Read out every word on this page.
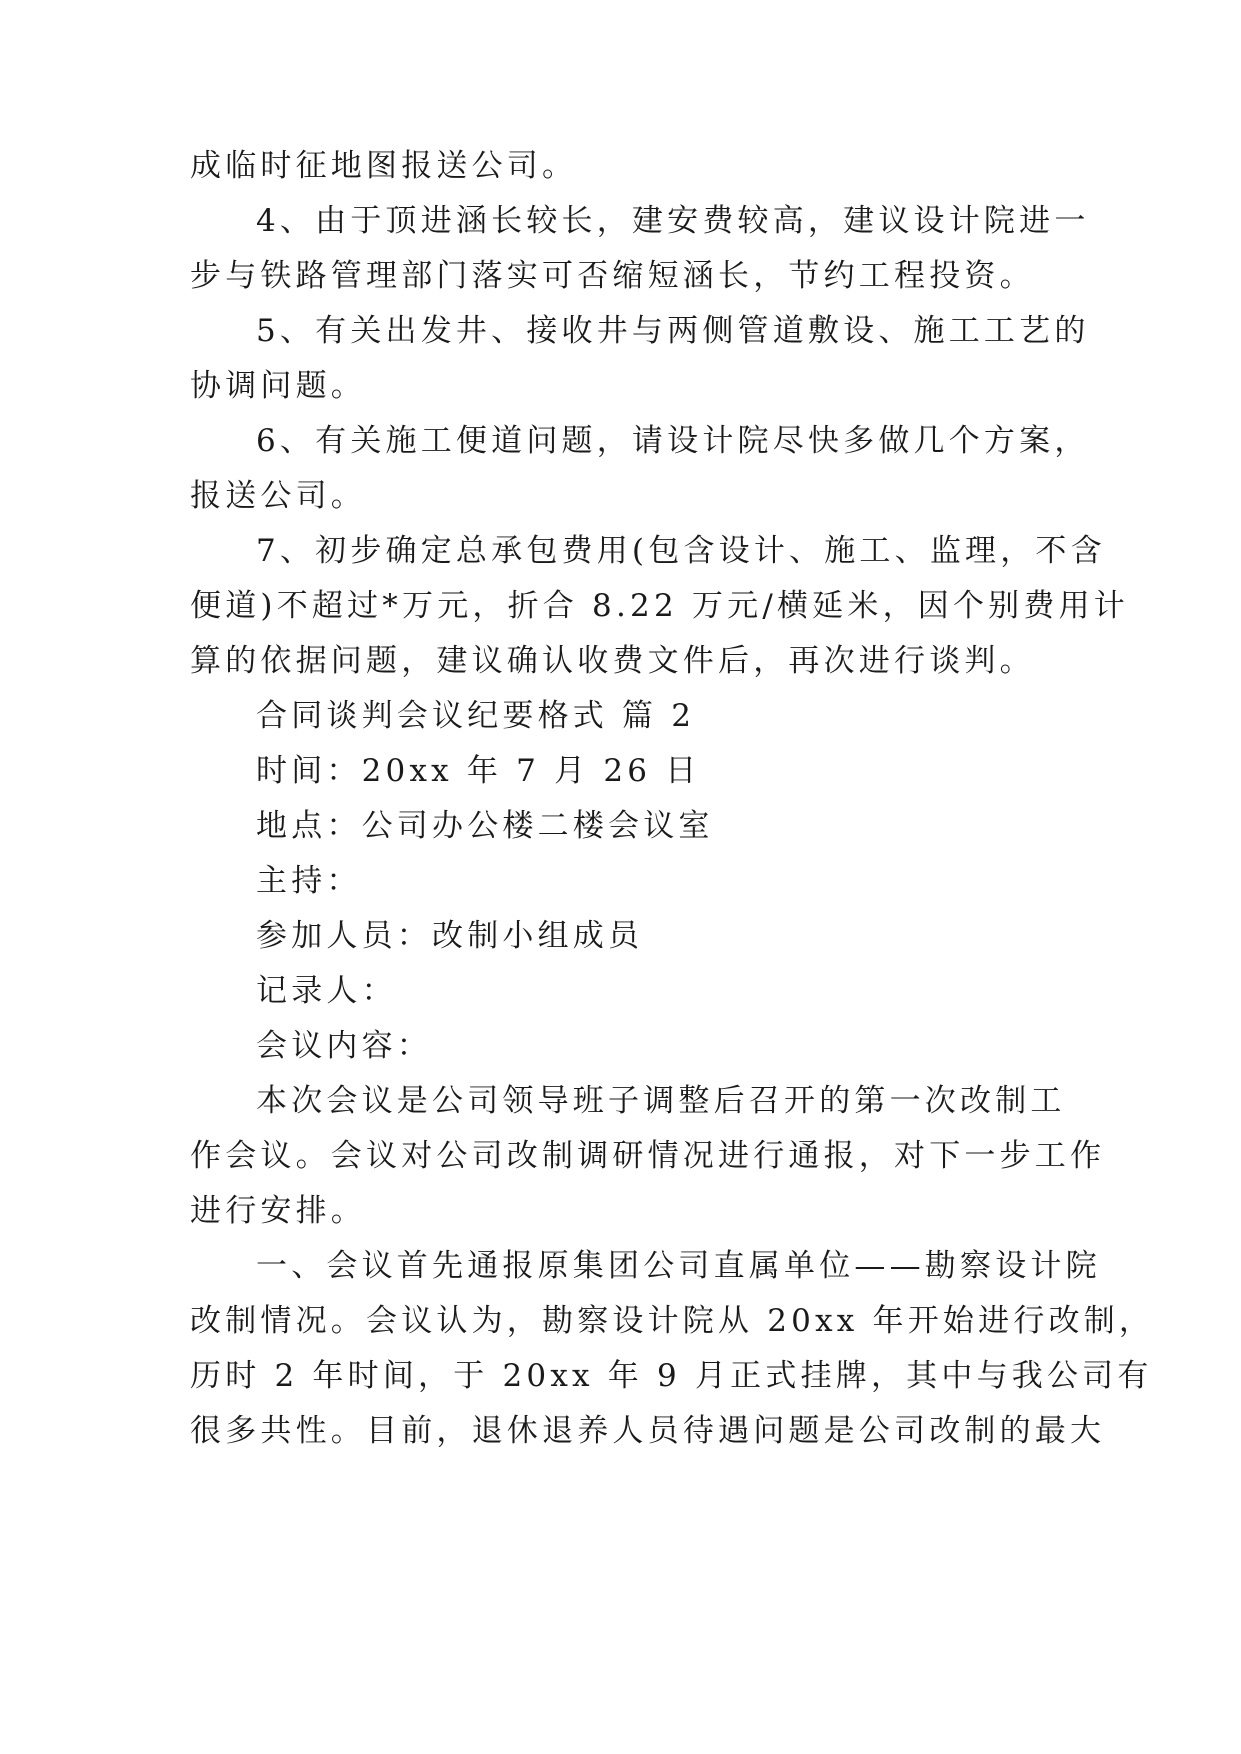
成临时征地图报送公司。
4、由于顶进涵长较长，建安费较高，建议设计院进一
步与铁路管理部门落实可否缩短涵长，节约工程投资。
5、有关出发井、接收井与两侧管道敷设、施工工艺的
协调问题。
6、有关施工便道问题，请设计院尽快多做几个方案，
报送公司。
7、初步确定总承包费用(包含设计、施工、监理，不含
便道)不超过*万元，折合 8.22 万元/横延米，因个别费用计
算的依据问题，建议确认收费文件后，再次进行谈判。
合同谈判会议纪要格式 篇 2
时间：20xx 年 7 月 26 日
地点：公司办公楼二楼会议室
主持：
参加人员：改制小组成员
记录人：
会议内容：
本次会议是公司领导班子调整后召开的第一次改制工
作会议。会议对公司改制调研情况进行通报，对下一步工作
进行安排。
一、会议首先通报原集团公司直属单位——勘察设计院
改制情况。会议认为，勘察设计院从 20xx 年开始进行改制，
历时 2 年时间，于 20xx 年 9 月正式挂牌，其中与我公司有
很多共性。目前，退休退养人员待遇问题是公司改制的最大
